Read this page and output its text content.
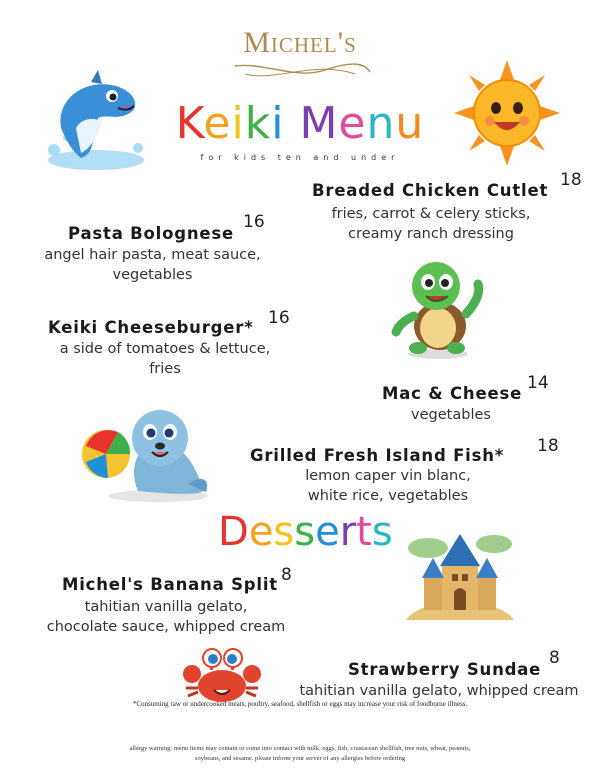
Michel's
Keiki Menu
for kids ten and under
Breaded Chicken Cutlet
18
fries, carrot & celery sticks,
creamy ranch dressing
Pasta Bolognese
16
angel hair pasta, meat sauce,
vegetables
Keiki Cheeseburger* 16
a side of tomatoes & lettuce,
fries
Mac & Cheese
14
vegetables
Grilled Fresh Island Fish* 18
lemon caper vin blanc,
white rice, vegetables
Desserts
Michel's Banana Split 8
tahitian vanilla gelato,
chocolate sauce, whipped cream
Strawberry Sundae
8
tahitian vanilla gelato, whipped cream
*Consuming raw or undercooked meats, poultry, seafood, shellfish or eggs may increase your risk of foodborne illness.
allergy warning: menu items may contain or come into contact with milk, eggs, fish, crustacean shellfish, tree nuts, wheat, peanuts,
soybeans, and sesame. please inform your server of any allergies before ordering
